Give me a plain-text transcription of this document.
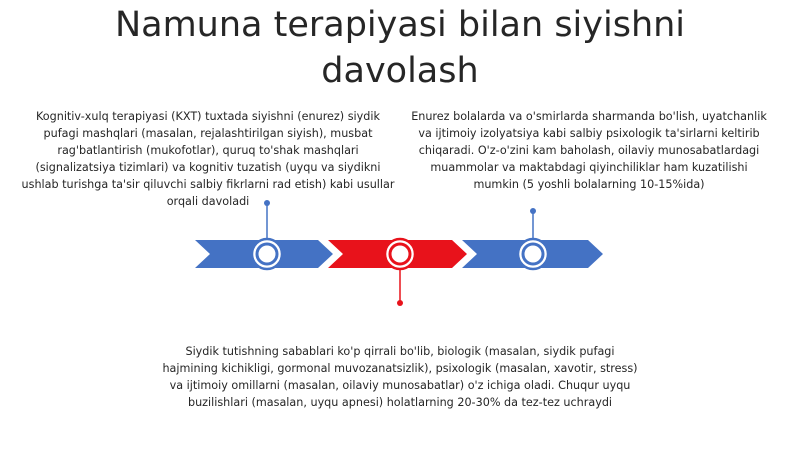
Namuna terapiyasi bilan siyishni davolash
Kognitiv-xulq terapiyasi (KXT) tuxtada siyishni (enurez) siydik pufagi mashqlari (masalan, rejalashtirilgan siyish), musbat rag'batlantirish (mukofotlar), quruq to'shak mashqlari (signalizatsiya tizimlari) va kognitiv tuzatish (uyqu va siydikni ushlab turishga ta'sir qiluvchi salbiy fikrlarni rad etish) kabi usullar orqali davoladi
Enurez bolalarda va o'smirlarda sharmanda bo'lish, uyatchanlik va ijtimoiy izolyatsiya kabi salbiy psixologik ta'sirlarni keltirib chiqaradi. O'z-o'zini kam baholash, oilaviy munosabatlardagi muammolar va maktabdagi qiyinchiliklar ham kuzatilishi mumkin (5 yoshli bolalarning 10-15%ida)
Siydik tutishning sabablari ko'p qirrali bo'lib, biologik (masalan, siydik pufagi hajmining kichikligi, gormonal muvozanatsizlik), psixologik (masalan, xavotir, stress) va ijtimoiy omillarni (masalan, oilaviy munosabatlar) o'z ichiga oladi. Chuqur uyqu buzilishlari (masalan, uyqu apnesi) holatlarning 20-30% da tez-tez uchraydi
